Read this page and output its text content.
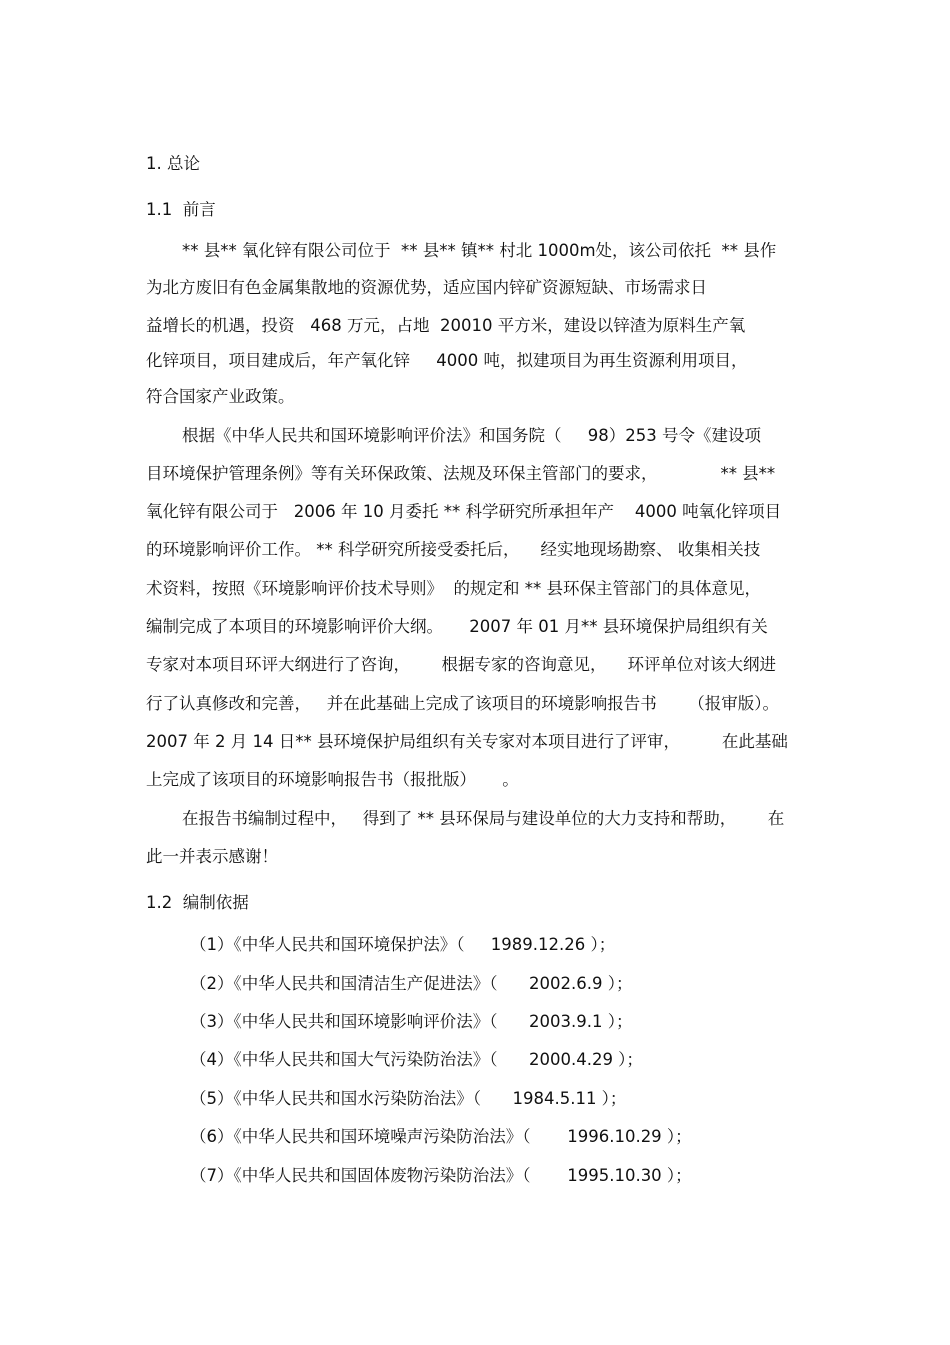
1. 总论
1.1  前言
** 县** 氧化锌有限公司位于  ** 县** 镇** 村北 1000m处，该公司依托  ** 县作
为北方废旧有色金属集散地的资源优势，适应国内锌矿资源短缺、市场需求日
益增长的机遇，投资   468 万元，占地  20010 平方米，建设以锌渣为原料生产氧
化锌项目，项目建成后，年产氧化锌     4000 吨，拟建项目为再生资源利用项目，
符合国家产业政策。
根据《中华人民共和国环境影响评价法》和国务院（     98）253 号令《建设项
目环境保护管理条例》等有关环保政策、法规及环保主管部门的要求，            ** 县**
氧化锌有限公司于   2006 年 10 月委托 ** 科学研究所承担年产    4000 吨氧化锌项目
的环境影响评价工作。 ** 科学研究所接受委托后，    经实地现场勘察、 收集相关技
术资料，按照《环境影响评价技术导则》  的规定和 ** 县环保主管部门的具体意见，
编制完成了本项目的环境影响评价大纲。     2007 年 01 月** 县环境保护局组织有关
专家对本项目环评大纲进行了咨询，      根据专家的咨询意见，    环评单位对该大纲进
行了认真修改和完善，   并在此基础上完成了该项目的环境影响报告书      （报审版）。
2007 年 2 月 14 日** 县环境保护局组织有关专家对本项目进行了评审，        在此基础
上完成了该项目的环境影响报告书（报批版）     。
在报告书编制过程中，   得到了 ** 县环保局与建设单位的大力支持和帮助，      在
此一并表示感谢！
1.2  编制依据
（1）《中华人民共和国环境保护法》（     1989.12.26 ）；
（2）《中华人民共和国清洁生产促进法》（      2002.6.9 ）；
（3）《中华人民共和国环境影响评价法》（      2003.9.1 ）；
（4）《中华人民共和国大气污染防治法》（      2000.4.29 ）；
（5）《中华人民共和国水污染防治法》（      1984.5.11 ）；
（6）《中华人民共和国环境噪声污染防治法》（       1996.10.29 ）；
（7）《中华人民共和国固体废物污染防治法》（       1995.10.30 ）；
